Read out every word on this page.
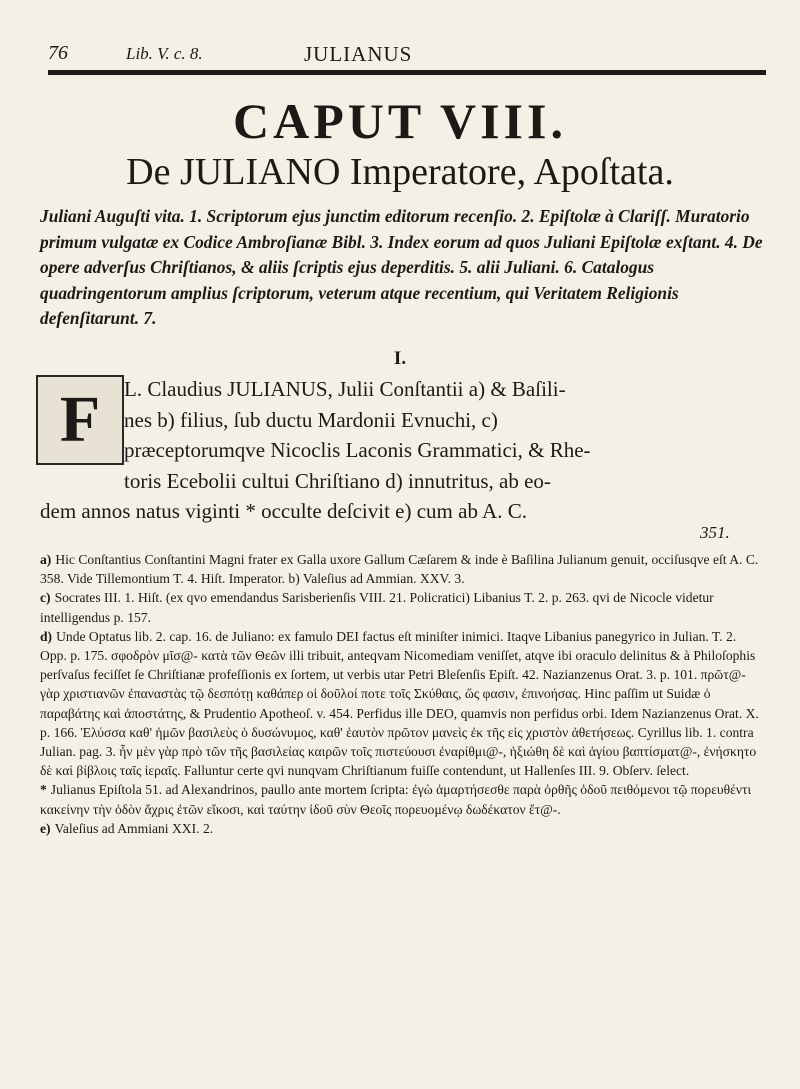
76	Lib. V. c. 8.	JULIANUS
CAPUT VIII.
De JULIANO Imperatore, Apoſtata.
Juliani Auguſti vita. 1. Scriptorum ejus junctim editorum recenſio. 2. Epiſtolæ à Clariſſ. Muratorio primum vulgatæ ex Codice Ambroſianæ Bibl. 3. Index eorum ad quos Juliani Epiſtolæ exſtant. 4. De opere adverſus Chriſtianos, & aliis ſcriptis ejus deperditis. 5. alii Juliani. 6. Catalogus quadringentorum amplius ſcriptorum, veterum atque recentium, qui Veritatem Religionis defenſitarunt. 7.
I.
F	L. Claudius JULIANUS, Julii Conſtantii a) & Baſili-
nes b) filius, ſub ductu Mardonii Evnuchi, c)
præceptorumqve Nicoclis Laconis Grammatici, & Rhe-
toris Ecebolii cultui Chriſtiano d) innutritus, ab eo-
dem annos natus viginti * occulte deſcivit e) cum ab A. C.
351.

a) Hic Conſtantius Conſtantini Magni frater ex Galla uxore Gallum Cæſarem & inde è Baſilina Julianum genuit, occiſusqve eſt A. C. 358. Vide Tillemontium T. 4. Hiſt. Imperator. b) Valeſius ad Ammian. XXV. 3.

c) Socrates III. 1. Hiſt. (ex qvo emendandus Sarisberienſis VIII. 21. Policratici) Libanius T. 2. p. 263. qvi de Nicocle videtur intelligendus p. 157.

d) Unde Optatus lib. 2. cap. 16. de Juliano: ex famulo DEI factus eſt miniſter inimici. Itaqve Libanius panegyrico in Julian. T. 2. Opp. p. 175. σφοδρὸν μῖσ@- κατὰ τῶν Θεῶν illi tribuit, anteqvam Nicomediam veniſſet, atqve ibi oraculo delinitus & à Philoſophis perſvaſus feciſſet ſe Chriſtianæ profeſſionis ex ſortem, ut verbis utar Petri Bleſenſis Epiſt. 42. Nazianzenus Orat. 3. p. 101. πρῶτ@- γὰρ χριστιανῶν ἐπαναστὰς τῷ δεσπότῃ καθάπερ οἱ δοῦλοί ποτε τοῖς Σκύθαις, ὥς φασιν, ἐπινοήσας. Hinc paſſim ut Suidæ ὁ παραβάτης καὶ ἀποστάτης, & Prudentio Apotheoſ. v. 454. Perfidus ille DEO, quamvis non perfidus orbi. Idem Nazianzenus Orat. X. p. 166. Ἐλύσσα καθ' ἡμῶν βασιλεὺς ὁ δυσώνυμος, καθ' ἑαυτὸν πρῶτον μανεὶς ἐκ τῆς εἰς χριστὸν ἀθετήσεως. Cyrillus lib. 1. contra Julian. pag. 3. ἦν μὲν γὰρ πρὸ τῶν τῆς βασιλείας καιρῶν τοῖς πιστεύουσι ἐναρίθμι@-, ἠξιώθη δὲ καὶ ἁγίου βαπτίσματ@-, ἐνήσκητο δὲ καὶ βίβλοις ταῖς ἱεραῖς. Falluntur certe qvi nunqvam Chriſtianum fuiſſe contendunt, ut Hallenſes III. 9. Obſerv. ſelect.

* Julianus Epiſtola 51. ad Alexandrinos, paullo ante mortem ſcripta: ἐγὼ ἀμαρτήσεσθε παρὰ ὀρθῆς ὁδοῦ πειθόμενοι τῷ πορευθέντι κακείνην τὴν ὁδὸν ἄχρις ἐτῶν εἴκοσι, καὶ ταύτην ἰδοῦ σὺν Θεοῖς πορευομένῳ δωδέκατον ἔτ@-.

e) Valeſius ad Ammiani XXI. 2.
